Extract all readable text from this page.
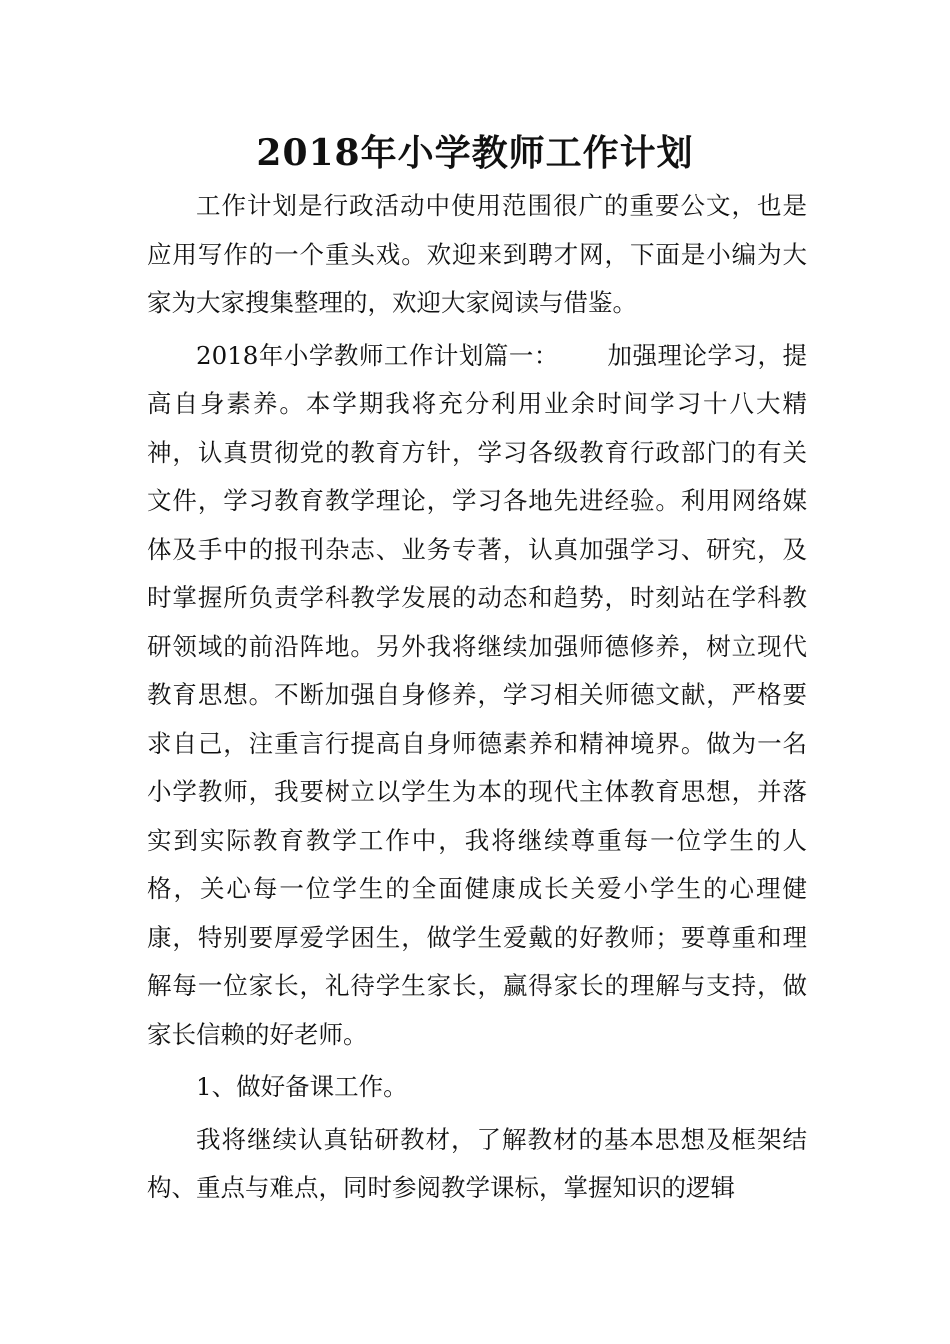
2018年小学教师工作计划

工作计划是行政活动中使用范围很广的重要公文，也是应用写作的一个重头戏。欢迎来到聘才网，下面是小编为大家为大家搜集整理的，欢迎大家阅读与借鉴。

2018年小学教师工作计划篇一： 加强理论学习，提高自身素养。本学期我将充分利用业余时间学习十八大精神，认真贯彻党的教育方针，学习各级教育行政部门的有关文件，学习教育教学理论，学习各地先进经验。利用网络媒体及手中的报刊杂志、业务专著，认真加强学习、研究，及时掌握所负责学科教学发展的动态和趋势，时刻站在学科教研领域的前沿阵地。另外我将继续加强师德修养，树立现代教育思想。不断加强自身修养，学习相关师德文献，严格要求自己，注重言行提高自身师德素养和精神境界。做为一名小学教师，我要树立以学生为本的现代主体教育思想，并落实到实际教育教学工作中，我将继续尊重每一位学生的人格，关心每一位学生的全面健康成长关爱小学生的心理健康，特别要厚爱学困生，做学生爱戴的好教师；要尊重和理解每一位家长，礼待学生家长，赢得家长的理解与支持，做家长信赖的好老师。

1、做好备课工作。

我将继续认真钻研教材，了解教材的基本思想及框架结构、重点与难点，同时参阅教学课标，掌握知识的逻辑
